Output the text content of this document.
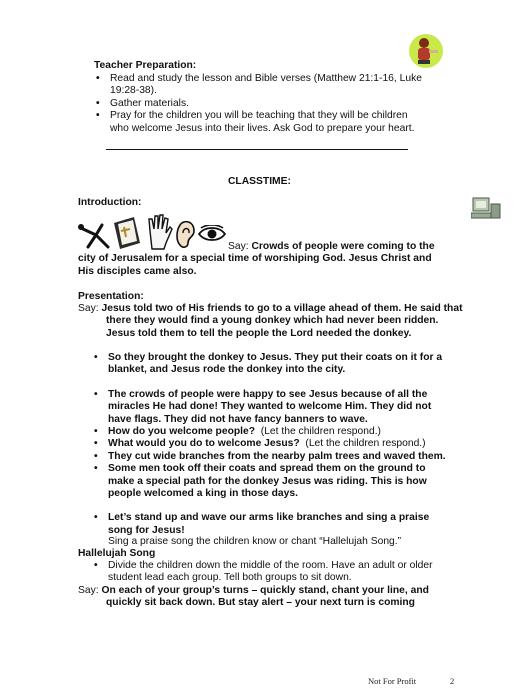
Teacher Preparation:
• Read and study the lesson and Bible verses (Matthew 21:1-16, Luke 19:28-38).
• Gather materials.
• Pray for the children you will be teaching that they will be children who welcome Jesus into their lives. Ask God to prepare your heart.
CLASSTIME:
Introduction:
Say: Crowds of people were coming to the city of Jerusalem for a special time of worshiping God. Jesus Christ and His disciples came also.
Presentation:
Say: Jesus told two of His friends to go to a village ahead of them. He said that there they would find a young donkey which had never been ridden. Jesus told them to tell the people the Lord needed the donkey.
• So they brought the donkey to Jesus. They put their coats on it for a blanket, and Jesus rode the donkey into the city.
• The crowds of people were happy to see Jesus because of all the miracles He had done! They wanted to welcome Him. They did not have flags. They did not have fancy banners to wave.
• How do you welcome people? (Let the children respond.)
• What would you do to welcome Jesus? (Let the children respond.)
• They cut wide branches from the nearby palm trees and waved them.
• Some men took off their coats and spread them on the ground to make a special path for the donkey Jesus was riding. This is how people welcomed a king in those days.
• Let’s stand up and wave our arms like branches and sing a praise song for Jesus!
Sing a praise song the children know or chant “Hallelujah Song.”
Hallelujah Song
• Divide the children down the middle of the room. Have an adult or older student lead each group. Tell both groups to sit down.
Say: On each of your group’s turns – quickly stand, chant your line, and quickly sit back down. But stay alert – your next turn is coming
Not For Profit	2
